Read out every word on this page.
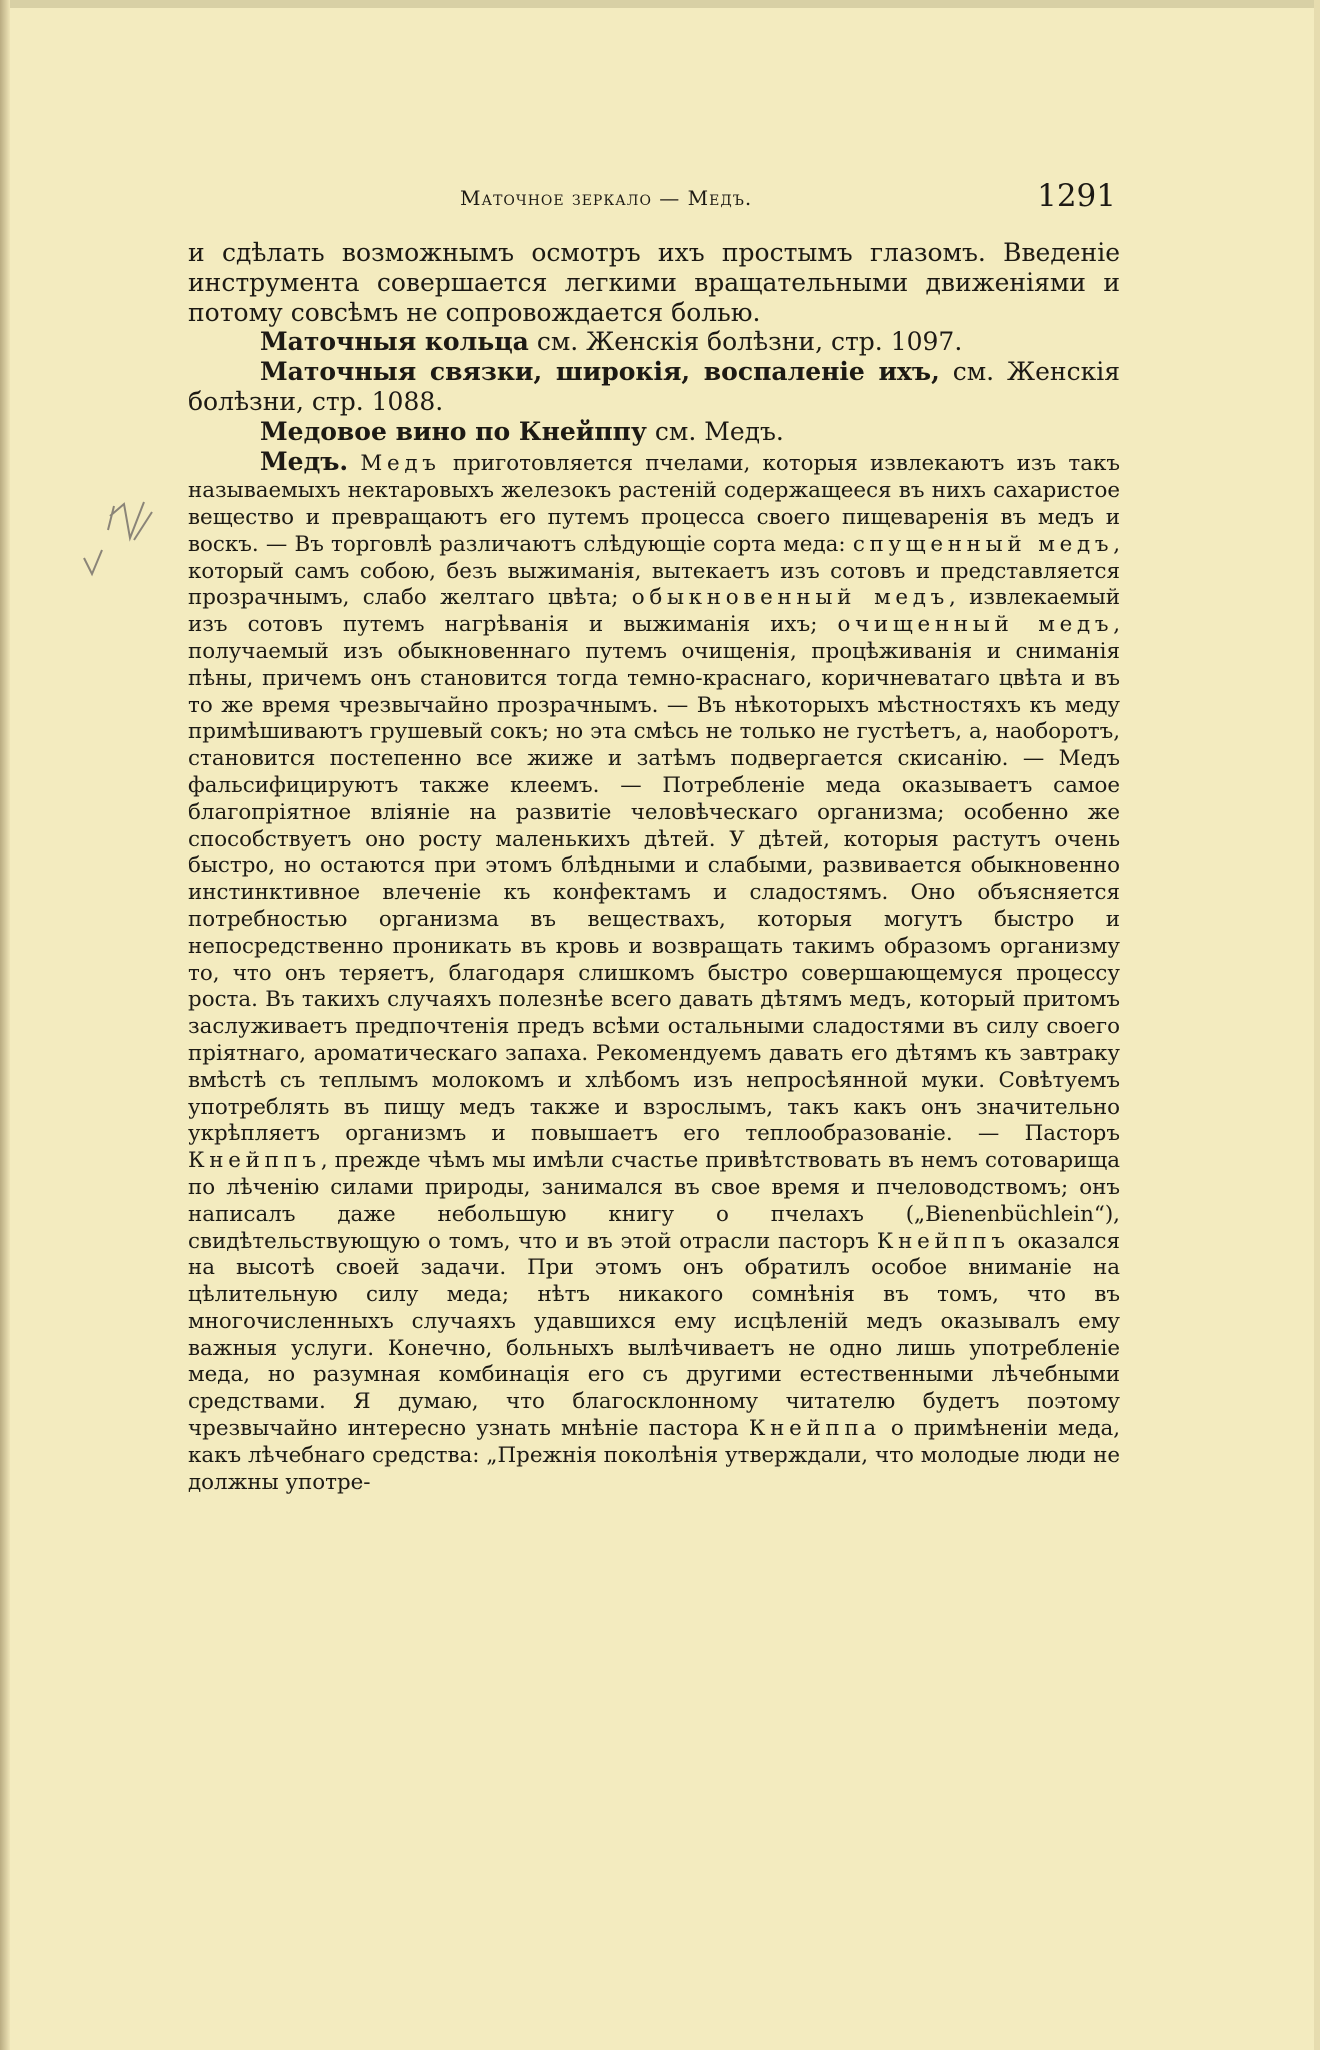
Маточное зеркало — Медъ.	1291

и сдѣлать возможнымъ осмотръ ихъ простымъ глазомъ. Введеніе инструмента совершается легкими вращательными движеніями и потому совсѣмъ не сопровождается болью.

Маточныя кольца см. Женскія болѣзни, стр. 1097.

Маточныя связки, широкія, воспаленіе ихъ, см. Женскія болѣзни, стр. 1088.

Медовое вино по Кнейппу см. Медъ.

Медъ. Медъ приготовляется пчелами, которыя извлекаютъ изъ такъ называемыхъ нектаровыхъ железокъ растеній содержащееся въ нихъ сахаристое вещество и превращаютъ его путемъ процесса своего пищеваренія въ медъ и воскъ. — Въ торговлѣ различаютъ слѣдующіе сорта меда: спущенный медъ, который самъ собою, безъ выжиманія, вытекаетъ изъ сотовъ и представляется прозрачнымъ, слабо желтаго цвѣта; обыкновенный медъ, извлекаемый изъ сотовъ путемъ нагрѣванія и выжиманія ихъ; очищенный медъ, получаемый изъ обыкновеннаго путемъ очищенія, процѣживанія и сниманія пѣны, причемъ онъ становится тогда темно-краснаго, коричневатаго цвѣта и въ то же время чрезвычайно прозрачнымъ. — Въ нѣкоторыхъ мѣстностяхъ къ меду примѣшиваютъ грушевый сокъ; но эта смѣсь не только не густѣетъ, а, наоборотъ, становится постепенно все жиже и затѣмъ подвергается скисанію. — Медъ фальсифицируютъ также клеемъ. — Потребленіе меда оказываетъ самое благопріятное вліяніе на развитіе человѣческаго организма; особенно же способствуетъ оно росту маленькихъ дѣтей. У дѣтей, которыя растутъ очень быстро, но остаются при этомъ блѣдными и слабыми, развивается обыкновенно инстинктивное влеченіе къ конфектамъ и сладостямъ. Оно объясняется потребностью организма въ веществахъ, которыя могутъ быстро и непосредственно проникать въ кровь и возвращать такимъ образомъ организму то, что онъ теряетъ, благодаря слишкомъ быстро совершающемуся процессу роста. Въ такихъ случаяхъ полезнѣе всего давать дѣтямъ медъ, который притомъ заслуживаетъ предпочтенія предъ всѣми остальными сладостями въ силу своего пріятнаго, ароматическаго запаха. Рекомендуемъ давать его дѣтямъ къ завтраку вмѣстѣ съ теплымъ молокомъ и хлѣбомъ изъ непросѣянной муки. Совѣтуемъ употреблять въ пищу медъ также и взрослымъ, такъ какъ онъ значительно укрѣпляетъ организмъ и повышаетъ его теплообразованіе. — Пасторъ Кнейппъ, прежде чѣмъ мы имѣли счастье привѣтствовать въ немъ сотоварища по лѣченію силами природы, занимался въ свое время и пчеловодствомъ; онъ написалъ даже небольшую книгу о пчелахъ („Bienenbüchlein“), свидѣтельствующую о томъ, что и въ этой отрасли пасторъ Кнейппъ оказался на высотѣ своей задачи. При этомъ онъ обратилъ особое вниманіе на цѣлительную силу меда; нѣтъ никакого сомнѣнія въ томъ, что въ многочисленныхъ случаяхъ удавшихся ему исцѣленій медъ оказывалъ ему важныя услуги. Конечно, больныхъ вылѣчиваетъ не одно лишь употребленіе меда, но разумная комбинація его съ другими естественными лѣчебными средствами. Я думаю, что благосклонному читателю будетъ поэтому чрезвычайно интересно узнать мнѣніе пастора Кнейппа о примѣненіи меда, какъ лѣчебнаго средства: „Прежнія поколѣнія утверждали, что молодые люди не должны употре-
